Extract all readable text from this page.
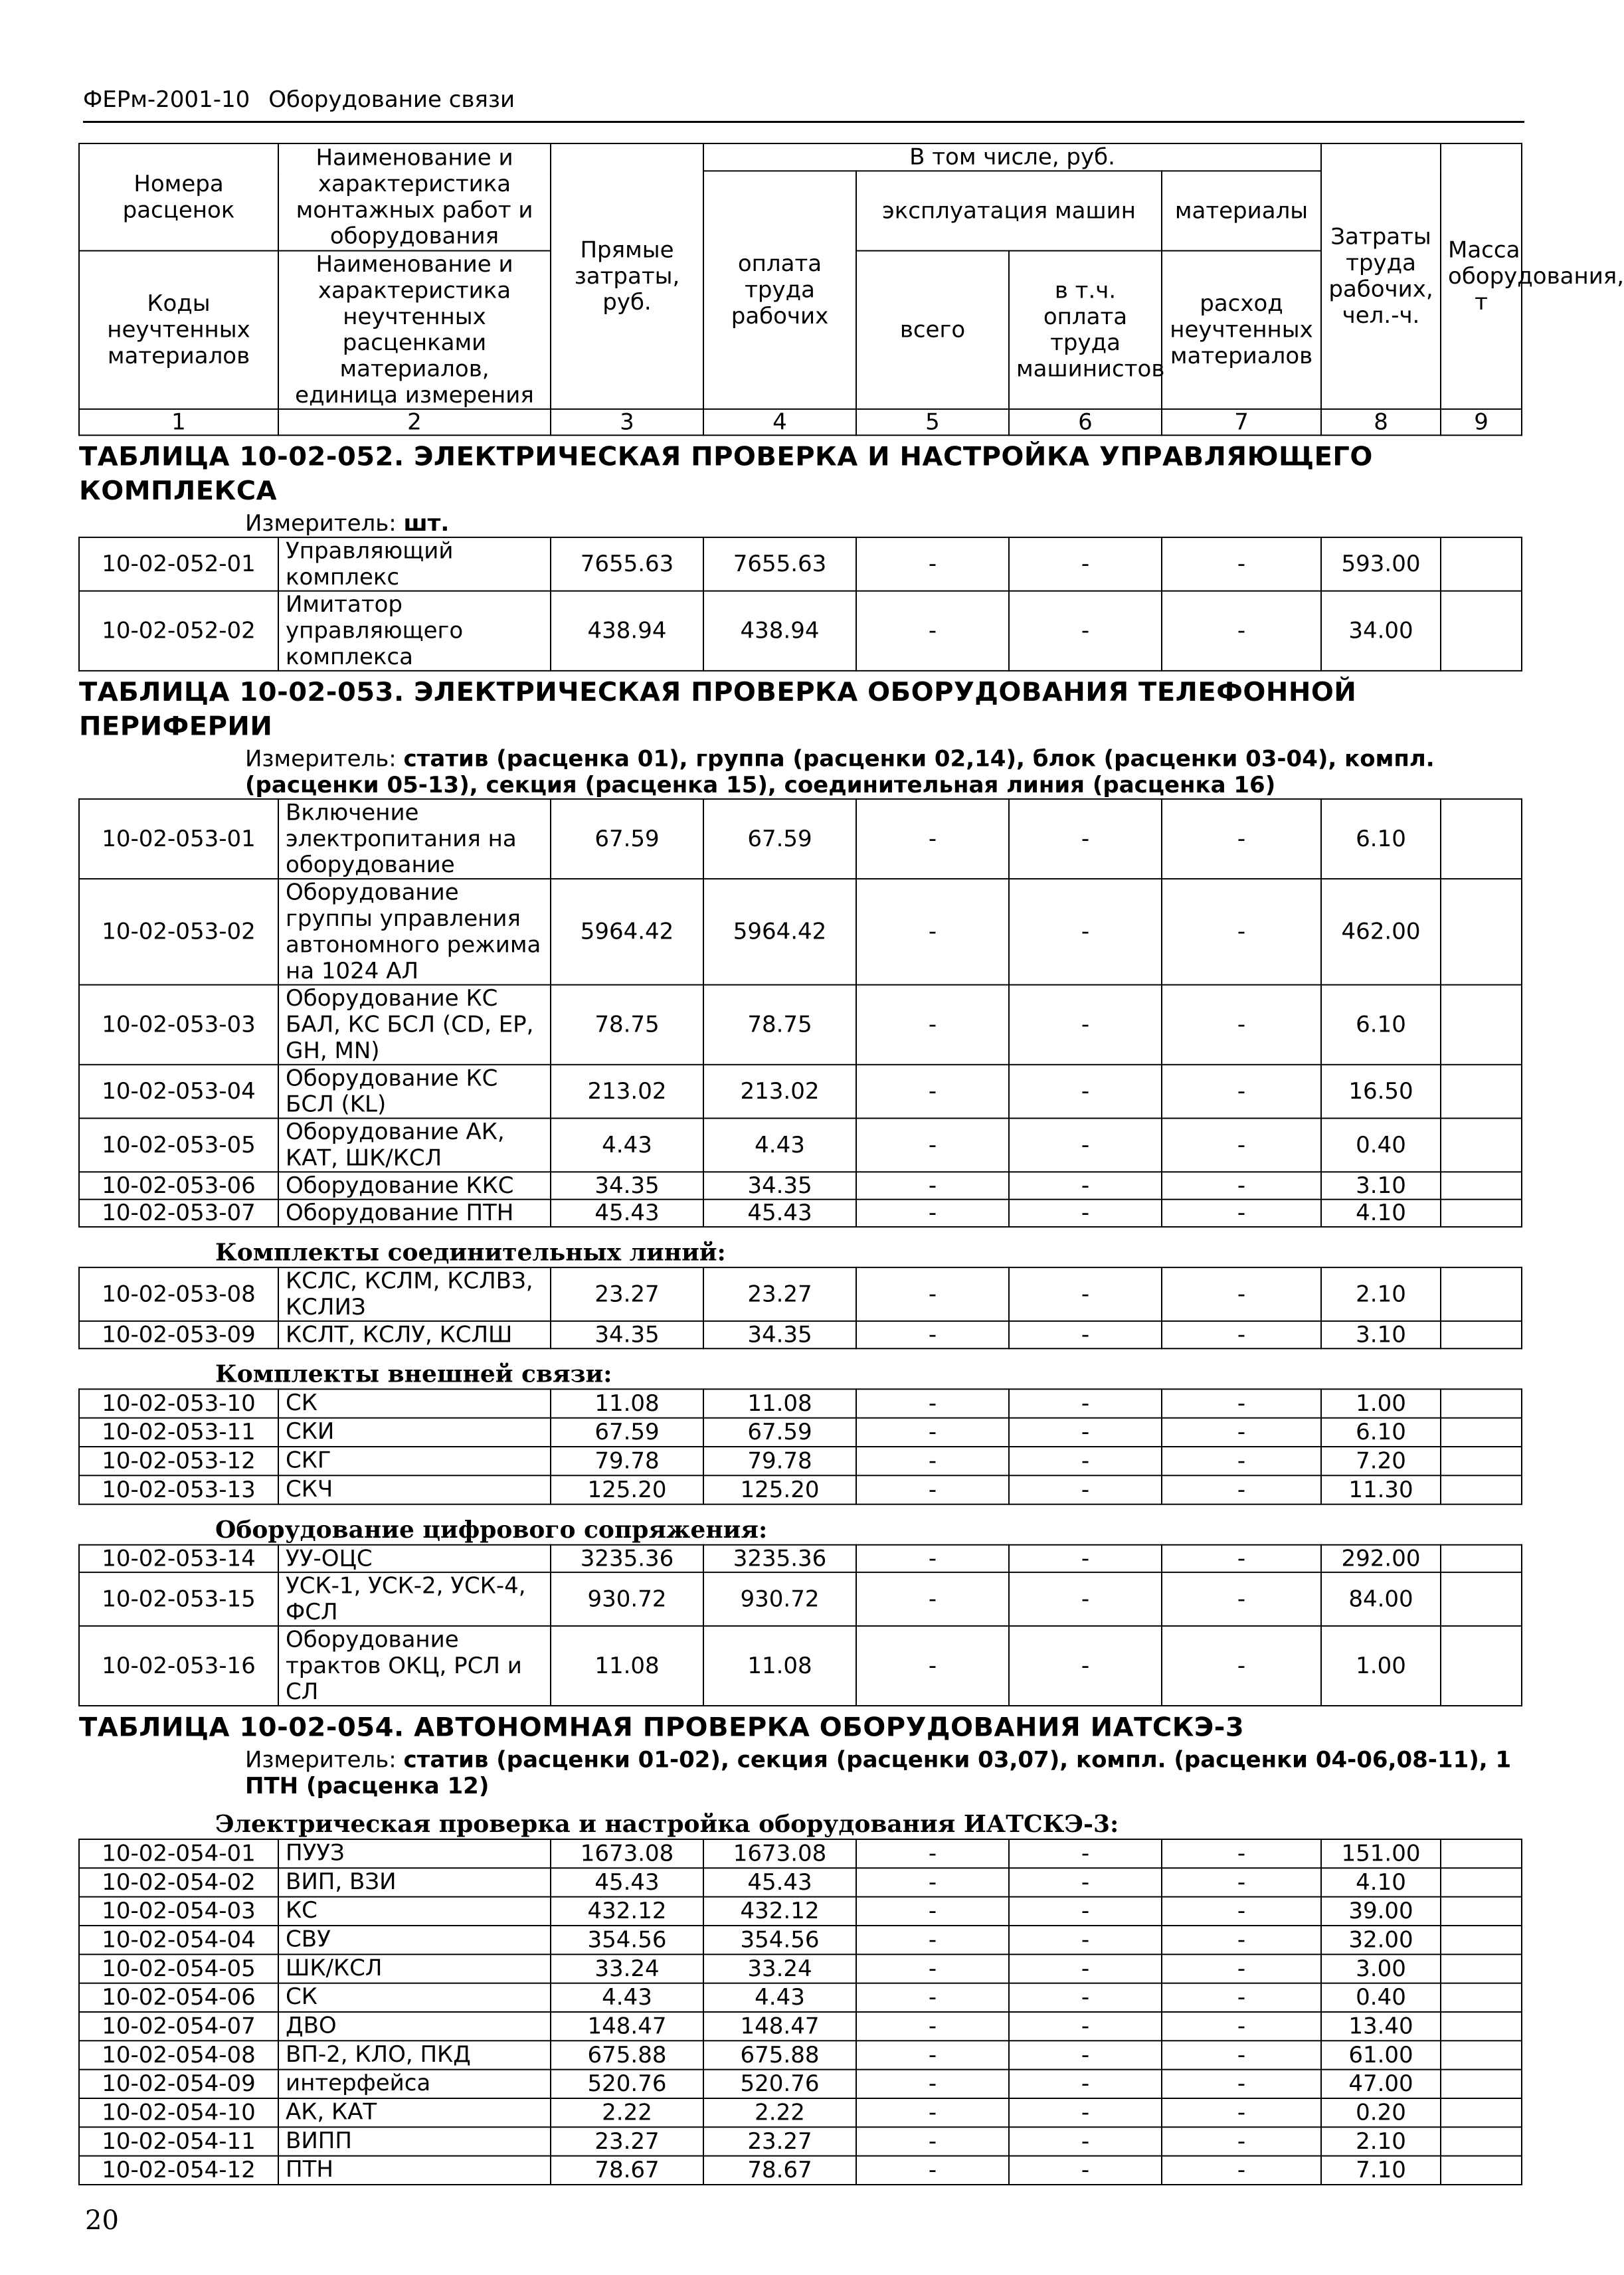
ФЕРм-2001-10 Оборудование связи
Номера расценок	Наименование и характеристика монтажных работ и оборудования	Прямые затраты, руб.	В том числе, руб.				Затраты труда рабочих, чел.-ч.	Масса оборудования, т
			оплата труда рабочих	эксплуатация машин		материалы		
Коды неучтенных материалов	Наименование и характеристика неучтенных расценками материалов, единица измерения			всего	в т.ч. оплата труда машинистов	расход неучтенных материалов		

1	2	3	4	5	6	7	8	9
ТАБЛИЦА 10-02-052. ЭЛЕКТРИЧЕСКАЯ ПРОВЕРКА И НАСТРОЙКА УПРАВЛЯЮЩЕГО КОМПЛЕКСА								
Измеритель: шт.								
10-02-052-01	Управляющий комплекс	7655.63	7655.63	-	-	-	593.00	
10-02-052-02	Имитатор управляющего комплекса	438.94	438.94	-	-	-	34.00	
ТАБЛИЦА 10-02-053. ЭЛЕКТРИЧЕСКАЯ ПРОВЕРКА ОБОРУДОВАНИЯ ТЕЛЕФОННОЙ ПЕРИФЕРИИ								
Измеритель: статив (расценка 01), группа (расценки 02,14), блок (расценки 03-04), компл. (расценки 05-13), секция (расценка 15), соединительная линия (расценка 16)								
10-02-053-01	Включение электропитания на оборудование	67.59	67.59	-	-	-	6.10	
10-02-053-02	Оборудование группы управления автономного режима на 1024 АЛ	5964.42	5964.42	-	-	-	462.00	
10-02-053-03	Оборудование КС БАЛ, КС БСЛ (CD, EP, GH, MN)	78.75	78.75	-	-	-	6.10	
10-02-053-04	Оборудование КС БСЛ (KL)	213.02	213.02	-	-	-	16.50	
10-02-053-05	Оборудование АК, КАТ, ШК/КСЛ	4.43	4.43	-	-	-	0.40	
10-02-053-06	Оборудование ККС	34.35	34.35	-	-	-	3.10	
10-02-053-07	Оборудование ПТН	45.43	45.43	-	-	-	4.10	
Комплекты соединительных линий:								
10-02-053-08	КСЛС, КСЛМ, КСЛВЗ, КСЛИЗ	23.27	23.27	-	-	-	2.10	
10-02-053-09	КСЛТ, КСЛУ, КСЛШ	34.35	34.35	-	-	-	3.10	
Комплекты внешней связи:								
10-02-053-10	СК	11.08	11.08	-	-	-	1.00	
10-02-053-11	СКИ	67.59	67.59	-	-	-	6.10	
10-02-053-12	СКГ	79.78	79.78	-	-	-	7.20	
10-02-053-13	СКЧ	125.20	125.20	-	-	-	11.30	
Оборудование цифрового сопряжения:								
10-02-053-14	УУ-ОЦС	3235.36	3235.36	-	-	-	292.00	
10-02-053-15	УСК-1, УСК-2, УСК-4, ФСЛ	930.72	930.72	-	-	-	84.00	
10-02-053-16	Оборудование трактов ОКЦ, РСЛ и СЛ	11.08	11.08	-	-	-	1.00	
ТАБЛИЦА 10-02-054. АВТОНОМНАЯ ПРОВЕРКА ОБОРУДОВАНИЯ ИАТСКЭ-3								
Измеритель: статив (расценки 01-02), секция (расценки 03,07), компл. (расценки 04-06,08-11), 1 ПТН (расценка 12)								
Электрическая проверка и настройка оборудования ИАТСКЭ-3:								
10-02-054-01	ПУУЗ	1673.08	1673.08	-	-	-	151.00	
10-02-054-02	ВИП, ВЗИ	45.43	45.43	-	-	-	4.10	
10-02-054-03	КС	432.12	432.12	-	-	-	39.00	
10-02-054-04	СВУ	354.56	354.56	-	-	-	32.00	
10-02-054-05	ШК/КСЛ	33.24	33.24	-	-	-	3.00	
10-02-054-06	СК	4.43	4.43	-	-	-	0.40	
10-02-054-07	ДВО	148.47	148.47	-	-	-	13.40	
10-02-054-08	ВП-2, КЛО, ПКД	675.88	675.88	-	-	-	61.00	
10-02-054-09	интерфейса	520.76	520.76	-	-	-	47.00	
10-02-054-10	АК, КАТ	2.22	2.22	-	-	-	0.20	
10-02-054-11	ВИПП	23.27	23.27	-	-	-	2.10	
10-02-054-12	ПТН	78.67	78.67	-	-	-	7.10	
20
